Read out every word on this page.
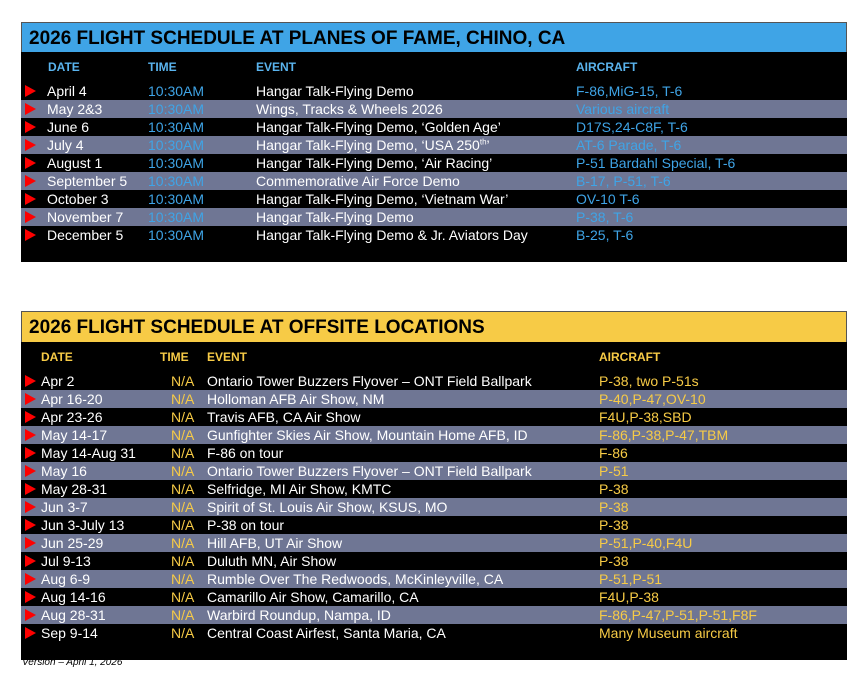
2026 FLIGHT SCHEDULE AT PLANES OF FAME, CHINO, CA
DATE	TIME	EVENT	AIRCRAFT
April 4	10:30AM	Hangar Talk-Flying Demo	F-86,MiG-15, T-6
May 2&3	10:30AM	Wings, Tracks & Wheels 2026	Various aircraft
June 6	10:30AM	Hangar Talk-Flying Demo, ‘Golden Age’	D17S,24-C8F, T-6
July 4	10:30AM	Hangar Talk-Flying Demo, ‘USA 250th’	AT-6 Parade, T-6
August 1	10:30AM	Hangar Talk-Flying Demo, ‘Air Racing’	P-51 Bardahl Special, T-6
September 5 10:30AM	Commemorative Air Force Demo	B-17, P-51, T-6
October 3	10:30AM	Hangar Talk-Flying Demo, ‘Vietnam War’	OV-10 T-6
November 7 10:30AM	Hangar Talk-Flying Demo	P-38, T-6
December 5 10:30AM	Hangar Talk-Flying Demo & Jr. Aviators Day	B-25, T-6
2026 FLIGHT SCHEDULE AT OFFSITE LOCATIONS
DATE	TIME EVENT	AIRCRAFT
Apr 2	N/A Ontario Tower Buzzers Flyover – ONT Field Ballpark	P-38, two P-51s
Apr 16-20	N/A Holloman AFB Air Show, NM	P-40,P-47,OV-10
Apr 23-26	N/A Travis AFB, CA Air Show	F4U,P-38,SBD
May 14-17	N/A Gunfighter Skies Air Show, Mountain Home AFB, ID	F-86,P-38,P-47,TBM
May 14-Aug 31	N/A F-86 on tour	F-86
May 16	N/A Ontario Tower Buzzers Flyover – ONT Field Ballpark	P-51
May 28-31	N/A Selfridge, MI Air Show, KMTC	P-38
Jun 3-7	N/A Spirit of St. Louis Air Show, KSUS, MO	P-38
Jun 3-July 13	N/A P-38 on tour	P-38
Jun 25-29	N/A Hill AFB, UT Air Show	P-51,P-40,F4U
Jul 9-13	N/A Duluth MN, Air Show	P-38
Aug 6-9	N/A Rumble Over The Redwoods, McKinleyville, CA	P-51,P-51
Aug 14-16	N/A Camarillo Air Show, Camarillo, CA	F4U,P-38
Aug 28-31	N/A Warbird Roundup, Nampa, ID	F-86,P-47,P-51,P-51,F8F
Sep 9-14	N/A Central Coast Airfest, Santa Maria, CA	Many Museum aircraft
Version – April 1, 2026
